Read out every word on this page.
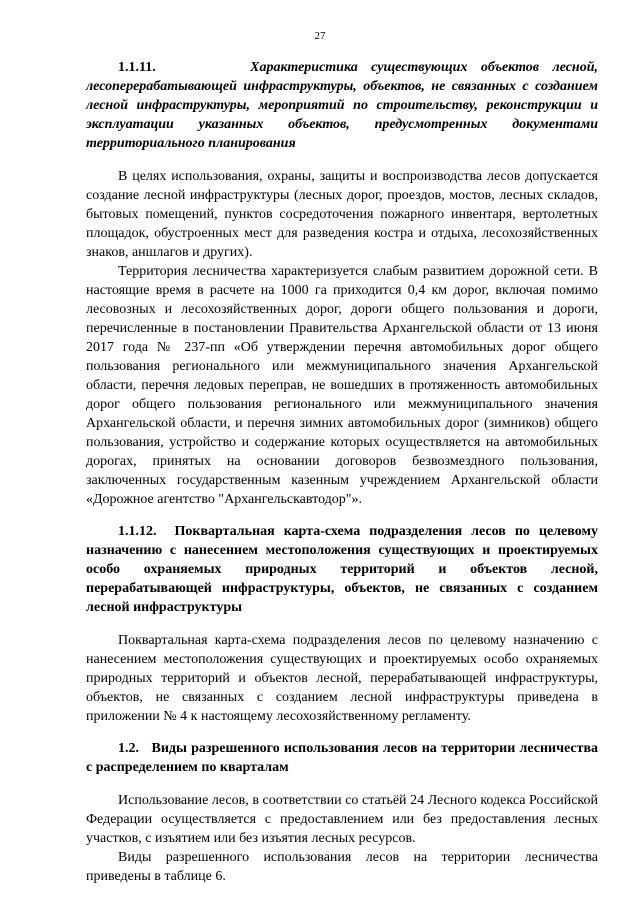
27

1.1.11.	Характеристика существующих объектов лесной, лесоперерабатывающей инфраструктуры, объектов, не связанных с созданием лесной инфраструктуры, мероприятий по строительству, реконструкции и эксплуатации указанных объектов, предусмотренных документами территориального планирования

В целях использования, охраны, защиты и воспроизводства лесов допускается создание лесной инфраструктуры (лесных дорог, проездов, мостов, лесных складов, бытовых помещений, пунктов сосредоточения пожарного инвентаря, вертолетных площадок, обустроенных мест для разведения костра и отдыха, лесохозяйственных знаков, аншлагов и других).

Территория лесничества характеризуется слабым развитием дорожной сети. В настоящие время в расчете на 1000 га приходится 0,4 км дорог, включая помимо лесовозных и лесохозяйственных дорог, дороги общего пользования и дороги, перечисленные в постановлении Правительства Архангельской области от 13 июня 2017 года № 237-пп «Об утверждении перечня автомобильных дорог общего пользования регионального или межмуниципального значения Архангельской области, перечня ледовых переправ, не вошедших в протяженность автомобильных дорог общего пользования регионального или межмуниципального значения Архангельской области, и перечня зимних автомобильных дорог (зимников) общего пользования, устройство и содержание которых осуществляется на автомобильных дорогах, принятых на основании договоров безвозмездного пользования, заключенных государственным казенным учреждением Архангельской области «Дорожное агентство "Архангельскавтодор"».

1.1.12. Поквартальная карта-схема подразделения лесов по целевому назначению с нанесением местоположения существующих и проектируемых особо охраняемых природных территорий и объектов лесной, перерабатывающей инфраструктуры, объектов, не связанных с созданием лесной инфраструктуры

Поквартальная карта-схема подразделения лесов по целевому назначению с нанесением местоположения существующих и проектируемых особо охраняемых природных территорий и объектов лесной, перерабатывающей инфраструктуры, объектов, не связанных с созданием лесной инфраструктуры приведена в приложении № 4 к настоящему лесохозяйственному регламенту.

1.2. Виды разрешенного использования лесов на территории лесничества с распределением по кварталам

Использование лесов, в соответствии со статьёй 24 Лесного кодекса Российской Федерации осуществляется с предоставлением или без предоставления лесных участков, с изъятием или без изъятия лесных ресурсов.

Виды разрешенного использования лесов на территории лесничества приведены в таблице 6.
